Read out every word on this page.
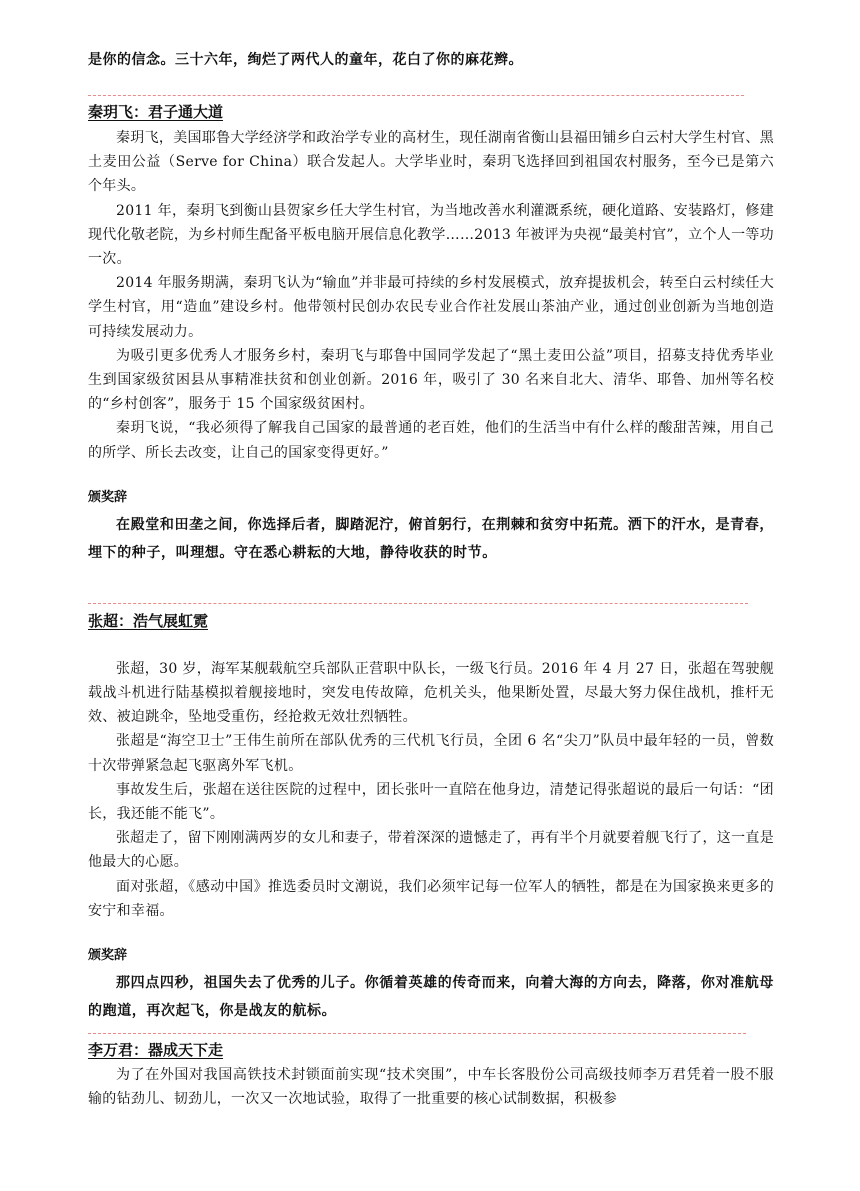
是你的信念。三十六年，绚烂了两代人的童年，花白了你的麻花辫。

秦玥飞：君子通大道

秦玥飞，美国耶鲁大学经济学和政治学专业的高材生，现任湖南省衡山县福田铺乡白云村大学生村官、黑土麦田公益（Serve for China）联合发起人。大学毕业时，秦玥飞选择回到祖国农村服务，至今已是第六个年头。

2011 年，秦玥飞到衡山县贺家乡任大学生村官，为当地改善水利灌溉系统，硬化道路、安装路灯，修建现代化敬老院，为乡村师生配备平板电脑开展信息化教学……2013 年被评为央视“最美村官”，立个人一等功一次。

2014 年服务期满，秦玥飞认为“输血”并非最可持续的乡村发展模式，放弃提拔机会，转至白云村续任大学生村官，用“造血”建设乡村。他带领村民创办农民专业合作社发展山茶油产业，通过创业创新为当地创造可持续发展动力。

为吸引更多优秀人才服务乡村，秦玥飞与耶鲁中国同学发起了“黑土麦田公益”项目，招募支持优秀毕业生到国家级贫困县从事精准扶贫和创业创新。2016 年，吸引了 30 名来自北大、清华、耶鲁、加州等名校的“乡村创客”，服务于 15 个国家级贫困村。

秦玥飞说，“我必须得了解我自己国家的最普通的老百姓，他们的生活当中有什么样的酸甜苦辣，用自己的所学、所长去改变，让自己的国家变得更好。”

颁奖辞

在殿堂和田垄之间，你选择后者，脚踏泥泞，俯首躬行，在荆棘和贫穷中拓荒。洒下的汗水，是青春，埋下的种子，叫理想。守在悉心耕耘的大地，静待收获的时节。

张超：浩气展虹霓

张超，30 岁，海军某舰载航空兵部队正营职中队长，一级飞行员。2016 年 4 月 27 日，张超在驾驶舰载战斗机进行陆基模拟着舰接地时，突发电传故障，危机关头，他果断处置，尽最大努力保住战机，推杆无效、被迫跳伞，坠地受重伤，经抢救无效壮烈牺牲。

张超是“海空卫士”王伟生前所在部队优秀的三代机飞行员，全团 6 名“尖刀”队员中最年轻的一员，曾数十次带弹紧急起飞驱离外军飞机。

事故发生后，张超在送往医院的过程中，团长张叶一直陪在他身边，清楚记得张超说的最后一句话：“团长，我还能不能飞”。

张超走了，留下刚刚满两岁的女儿和妻子，带着深深的遗憾走了，再有半个月就要着舰飞行了，这一直是他最大的心愿。

面对张超，《感动中国》推选委员时文潮说，我们必须牢记每一位军人的牺牲，都是在为国家换来更多的安宁和幸福。

颁奖辞

那四点四秒，祖国失去了优秀的儿子。你循着英雄的传奇而来，向着大海的方向去，降落，你对准航母的跑道，再次起飞，你是战友的航标。

李万君：器成天下走

为了在外国对我国高铁技术封锁面前实现“技术突围”，中车长客股份公司高级技师李万君凭着一股不服输的钻劲儿、韧劲儿，一次又一次地试验，取得了一批重要的核心试制数据，积极参
